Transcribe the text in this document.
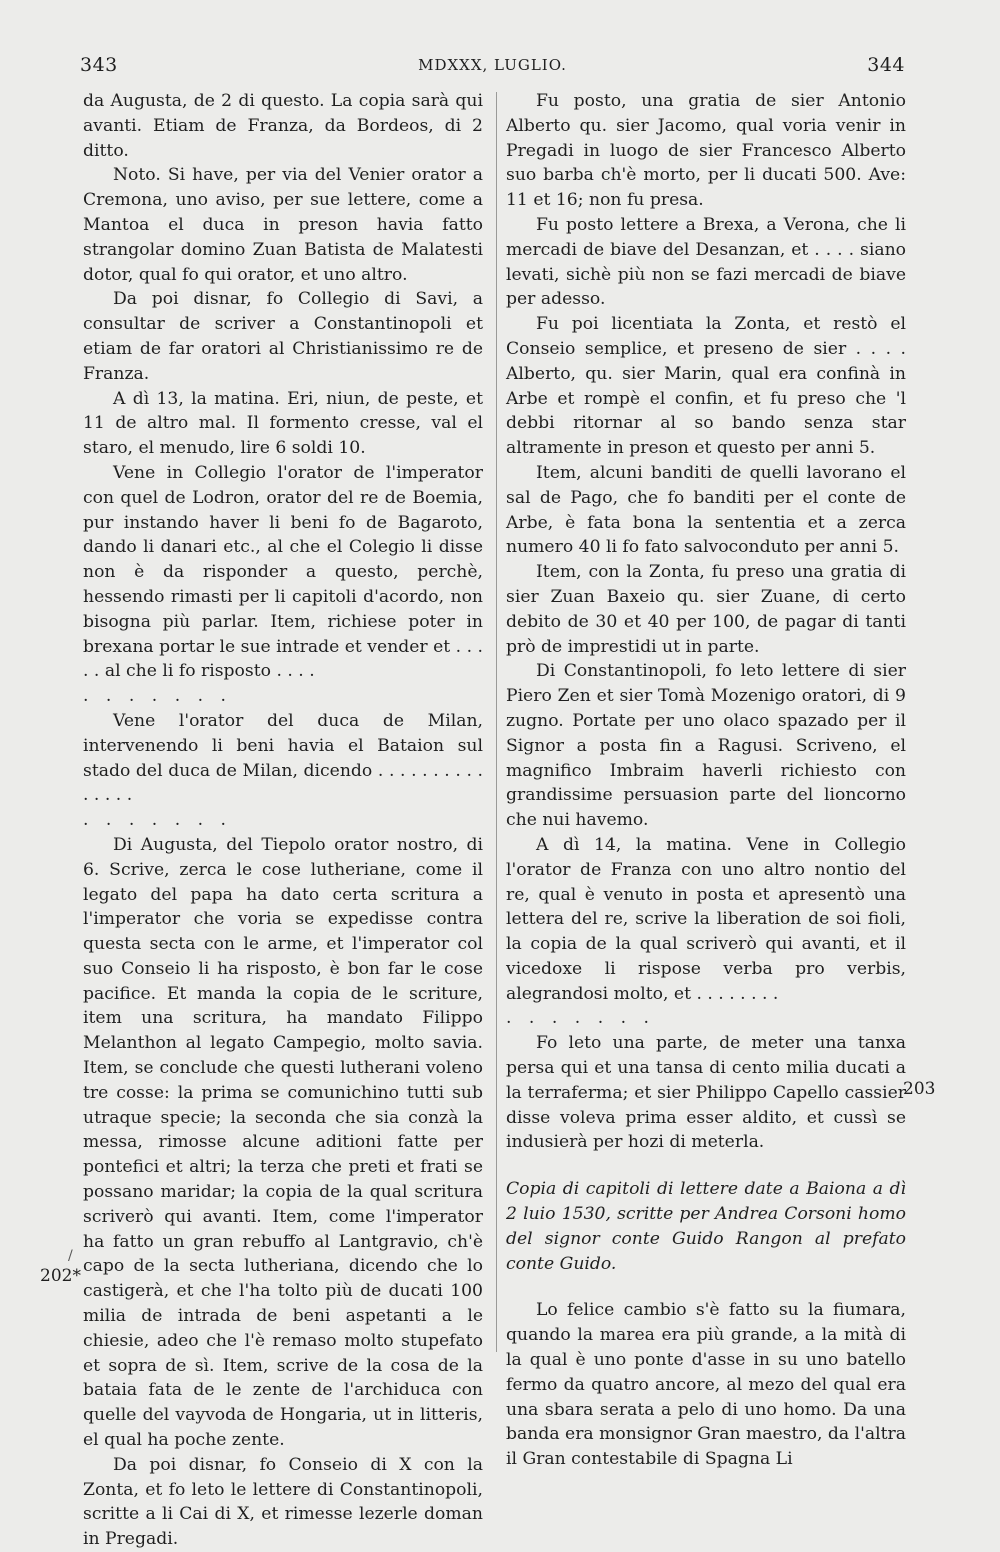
343	MDXXX, LUGLIO.	344

da Augusta, de 2 di questo. La copia sarà qui avanti. Etiam de Franza, da Bordeos, di 2 ditto.

Noto. Si have, per via del Venier orator a Cremona, uno aviso, per sue lettere, come a Mantoa el duca in preson havia fatto strangolar domino Zuan Batista de Malatesti dotor, qual fo qui orator, et uno altro.

Da poi disnar, fo Collegio di Savi, a consultar de scriver a Constantinopoli et etiam de far oratori al Christianissimo re de Franza.

A dì 13, la matina. Eri, niun, de peste, et 11 de altro mal. Il formento cresse, val el staro, el menudo, lire 6 soldi 10.

Vene in Collegio l'orator de l'imperator con quel de Lodron, orator del re de Boemia, pur instando haver li beni fo de Bagaroto, dando li danari etc., al che el Colegio li disse non è da risponder a questo, perchè, hessendo rimasti per li capitoli d'acordo, non bisogna più parlar. Item, richiese poter in brexana portar le sue intrade et vender et . . . . . al che li fo risposto . . . .

. . . . . . .

Vene l'orator del duca de Milan, intervenendo li beni havia el Bataion sul stado del duca de Milan, dicendo . . . . . . . . . . . . . . .

. . . . . . .

Di Augusta, del Tiepolo orator nostro, di 6. Scrive, zerca le cose lutheriane, come il legato del papa ha dato certa scritura a l'imperator che voria se expedisse contra questa secta con le arme, et l'imperator col suo Conseio li ha risposto, è bon far le cose pacifice. Et manda la copia de le scriture, item una scritura, ha mandato Filippo Melanthon al legato Campegio, molto savia. Item, se conclude che questi lutherani voleno tre cosse: la prima se comunichino tutti sub utraque specie; la seconda che sia conzà la messa, rimosse alcune aditioni fatte per pontefici et altri; la terza che preti et frati se possano maridar; la copia de la qual scritura scriverò qui avanti. Item, come l'imperator ha fatto un gran rebuffo al Lantgravio, ch'è capo de la secta lutheriana, dicendo che lo castigerà, et che l'ha tolto più de ducati 100 milia de intrada de beni aspetanti a le chiesie, adeo che l'è remaso molto stupefato et sopra de sì. Item, scrive de la cosa de la bataia fata de le zente de l'archiduca con quelle del vayvoda de Hongaria, ut in litteris, el qual ha poche zente.

Da poi disnar, fo Conseio di X con la Zonta, et fo leto le lettere di Constantinopoli, scritte a li Cai di X, et rimesse lezerle doman in Pregadi.

Fu posto, una gratia de sier Antonio Alberto qu. sier Jacomo, qual voria venir in Pregadi in luogo de sier Francesco Alberto suo barba ch'è morto, per li ducati 500. Ave: 11 et 16; non fu presa.

Fu posto lettere a Brexa, a Verona, che li mercadi de biave del Desanzan, et . . . . siano levati, sichè più non se fazi mercadi de biave per adesso.

Fu poi licentiata la Zonta, et restò el Conseio semplice, et preseno de sier . . . . Alberto, qu. sier Marin, qual era confinà in Arbe et rompè el confin, et fu preso che 'l debbi ritornar al so bando senza star altramente in preson et questo per anni 5.

Item, alcuni banditi de quelli lavorano el sal de Pago, che fo banditi per el conte de Arbe, è fata bona la sententia et a zerca numero 40 li fo fato salvoconduto per anni 5.

Item, con la Zonta, fu preso una gratia di sier Zuan Baxeio qu. sier Zuane, di certo debito de 30 et 40 per 100, de pagar di tanti prò de imprestidi ut in parte.

Di Constantinopoli, fo leto lettere di sier Piero Zen et sier Tomà Mozenigo oratori, di 9 zugno. Portate per uno olaco spazado per il Signor a posta fin a Ragusi. Scriveno, el magnifico Imbraim haverli richiesto con grandissime persuasion parte del lioncorno che nui havemo.

A dì 14, la matina. Vene in Collegio l'orator de Franza con uno altro nontio del re, qual è venuto in posta et apresentò una lettera del re, scrive la liberation de soi fioli, la copia de la qual scriverò qui avanti, et il vicedoxe li rispose verba pro verbis, alegrandosi molto, et . . . . . . . .

. . . . . . .

Fo leto una parte, de meter una tanxa persa qui et una tansa di cento milia ducati a la terraferma; et sier Philippo Capello cassier disse voleva prima esser aldito, et cussì se indusierà per hozi di meterla.

Copia di capitoli di lettere date a Baiona a dì 2 luio 1530, scritte per Andrea Corsoni homo del signor conte Guido Rangon al prefato conte Guido.

Lo felice cambio s'è fatto su la fiumara, quando la marea era più grande, a la mità di la qual è uno ponte d'asse in su uno batello fermo da quatro ancore, al mezo del qual era una sbara serata a pelo di uno homo. Da una banda era monsignor Gran maestro, da l'altra il Gran contestabile di Spagna Li

/
202*
203
